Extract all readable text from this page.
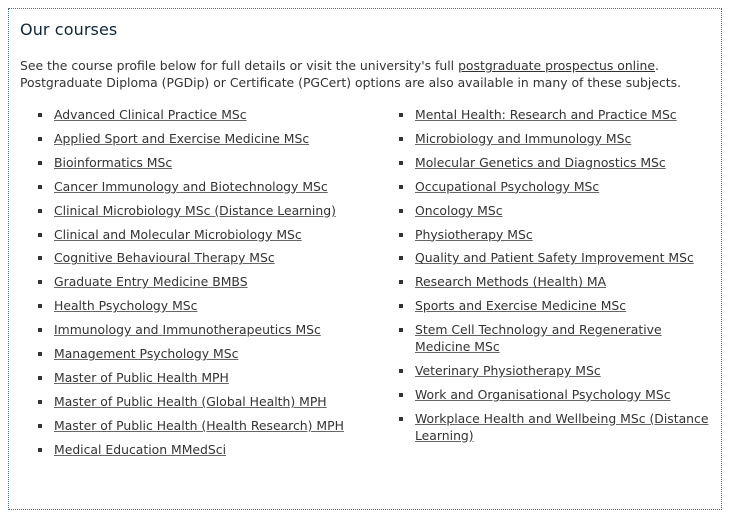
Our courses

See the course profile below for full details or visit the university's full postgraduate prospectus online.
Postgraduate Diploma (PGDip) or Certificate (PGCert) options are also available in many of these subjects.

Advanced Clinical Practice MSc
Applied Sport and Exercise Medicine MSc
Bioinformatics MSc
Cancer Immunology and Biotechnology MSc
Clinical Microbiology MSc (Distance Learning)
Clinical and Molecular Microbiology MSc
Cognitive Behavioural Therapy MSc
Graduate Entry Medicine BMBS
Health Psychology MSc
Immunology and Immunotherapeutics MSc
Management Psychology MSc
Master of Public Health MPH
Master of Public Health (Global Health) MPH
Master of Public Health (Health Research) MPH
Medical Education MMedSci
Mental Health: Research and Practice MSc
Microbiology and Immunology MSc
Molecular Genetics and Diagnostics MSc
Occupational Psychology MSc
Oncology MSc
Physiotherapy MSc
Quality and Patient Safety Improvement MSc
Research Methods (Health) MA
Sports and Exercise Medicine MSc
Stem Cell Technology and Regenerative Medicine MSc
Veterinary Physiotherapy MSc
Work and Organisational Psychology MSc
Workplace Health and Wellbeing MSc (Distance Learning)
